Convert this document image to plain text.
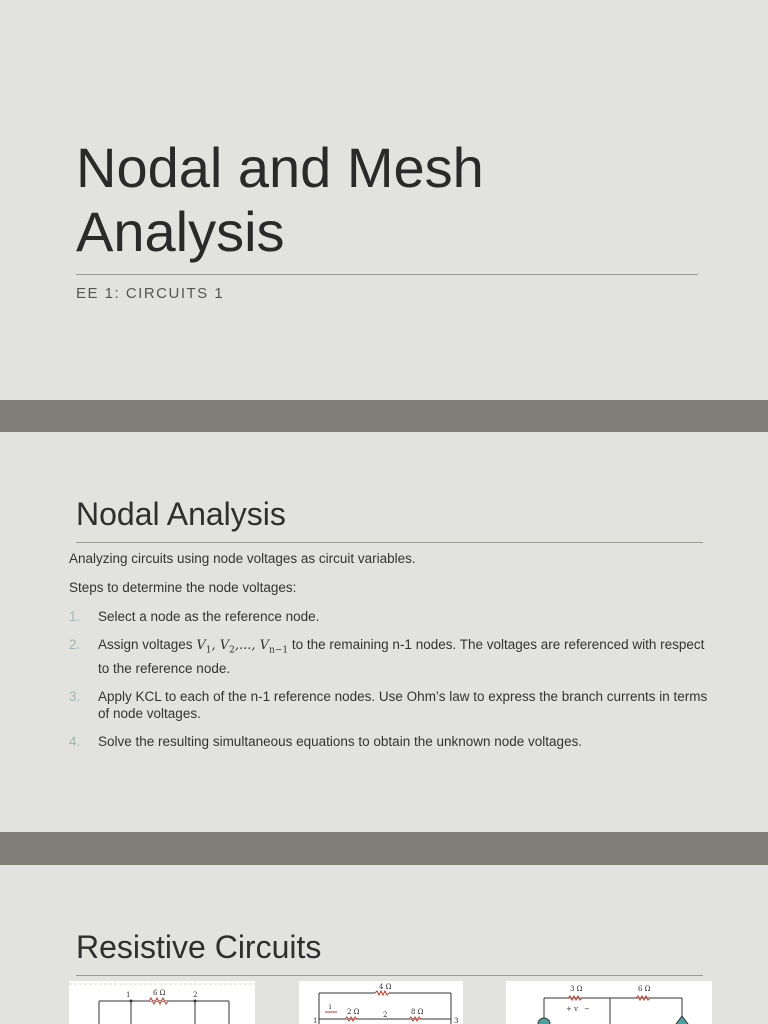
Nodal and Mesh
Analysis
EE 1: CIRCUITS 1
Nodal Analysis
Analyzing circuits using node voltages as circuit variables.
Steps to determine the node voltages:
1.	Select a node as the reference node.
2.	Assign voltages $V_1$, $V_2$,..., $V_{n-1}$ to the remaining n-1 nodes. The voltages are referenced with respect to the reference node.
3.	Apply KCL to each of the n-1 reference nodes. Use Ohm’s law to express the branch currents in terms of node voltages.
4.	Solve the resulting simultaneous equations to obtain the unknown node voltages.
Resistive Circuits
6 Ω
1	2
4 Ω
i
2 Ω	8 Ω
1
2
3
3 Ω	6 Ω
+ v −
